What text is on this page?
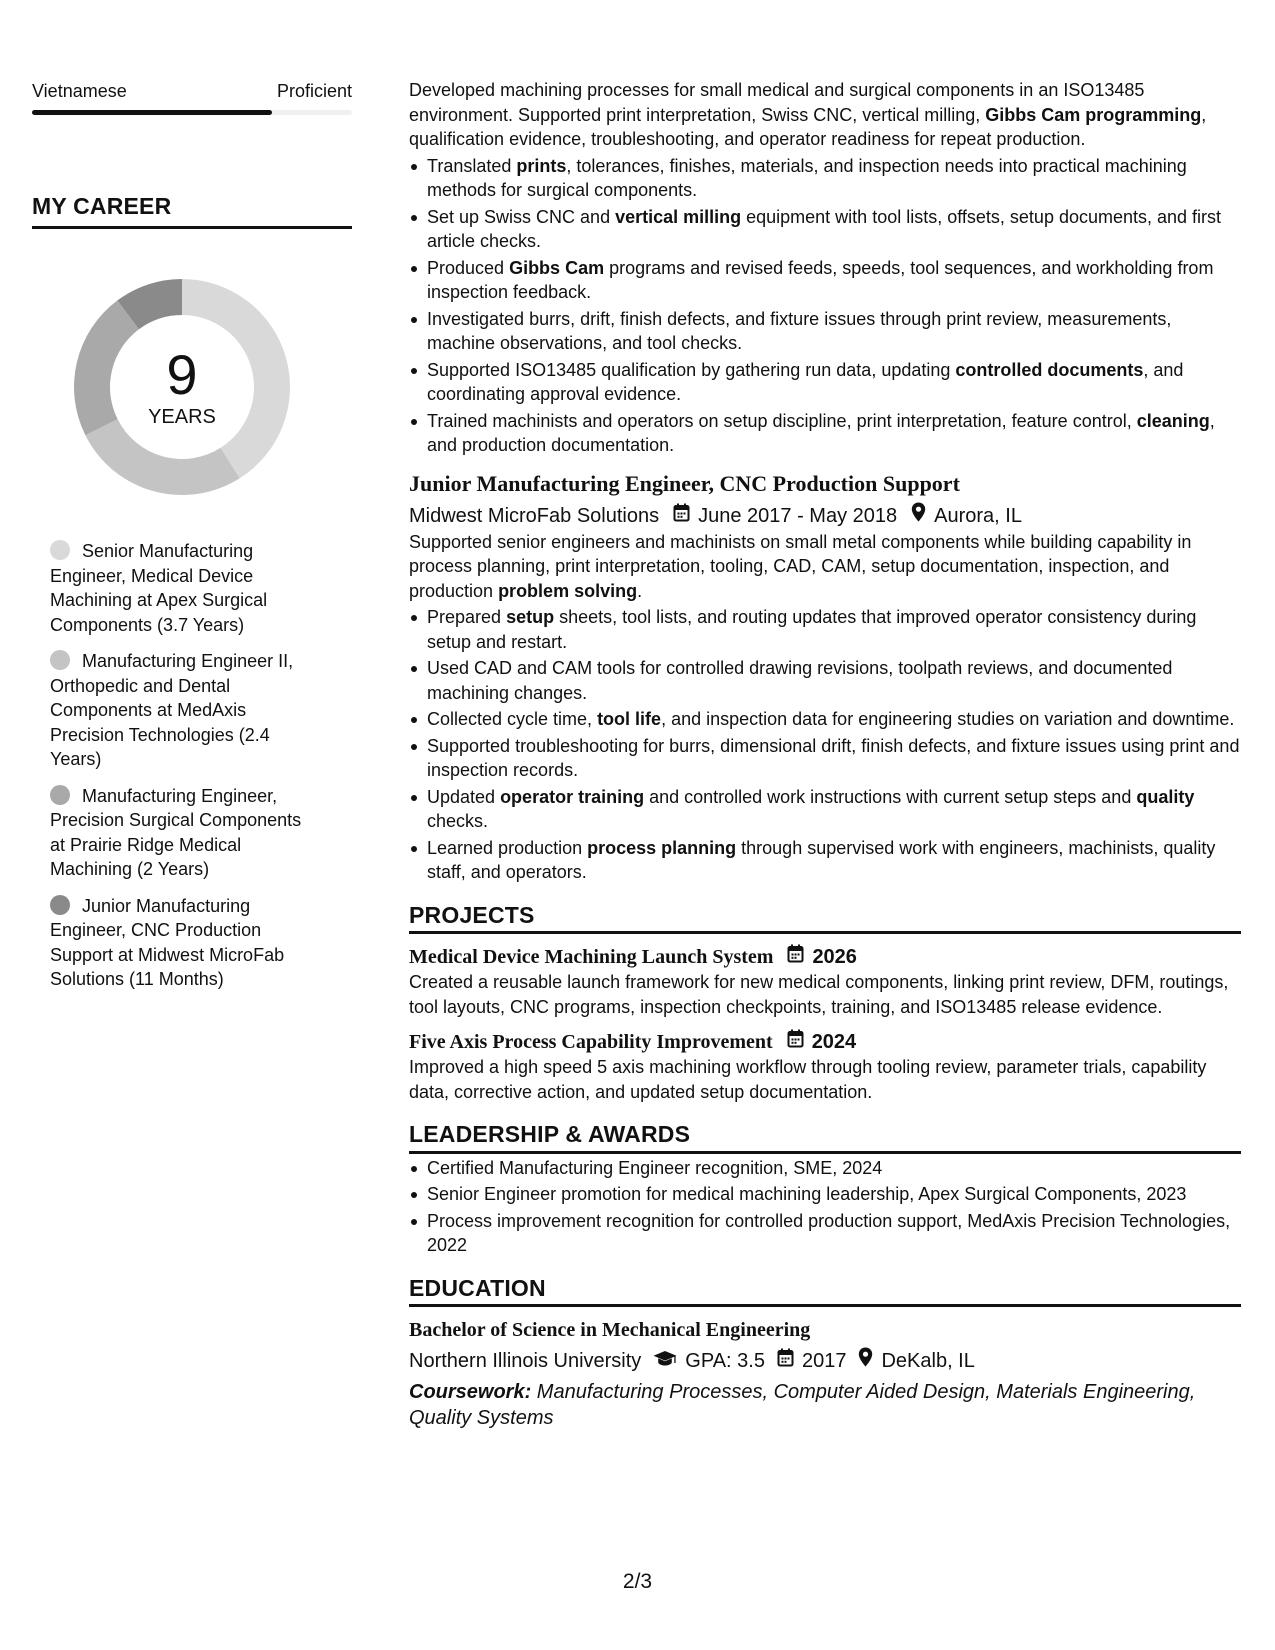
Vietnamese	Proficient
MY CAREER
9
YEARS
Senior Manufacturing Engineer, Medical Device Machining at Apex Surgical Components (3.7 Years)
Manufacturing Engineer II, Orthopedic and Dental Components at MedAxis Precision Technologies (2.4 Years)
Manufacturing Engineer, Precision Surgical Components at Prairie Ridge Medical Machining (2 Years)
Junior Manufacturing Engineer, CNC Production Support at Midwest MicroFab Solutions (11 Months)

Developed machining processes for small medical and surgical components in an ISO13485 environment. Supported print interpretation, Swiss CNC, vertical milling, Gibbs Cam programming, qualification evidence, troubleshooting, and operator readiness for repeat production.

Translated prints, tolerances, finishes, materials, and inspection needs into practical machining methods for surgical components.
Set up Swiss CNC and vertical milling equipment with tool lists, offsets, setup documents, and first article checks.
Produced Gibbs Cam programs and revised feeds, speeds, tool sequences, and workholding from inspection feedback.
Investigated burrs, drift, finish defects, and fixture issues through print review, measurements, machine observations, and tool checks.
Supported ISO13485 qualification by gathering run data, updating controlled documents, and coordinating approval evidence.
Trained machinists and operators on setup discipline, print interpretation, feature control, cleaning, and production documentation.
Junior Manufacturing Engineer, CNC Production Support
Midwest MicroFab Solutions June 2017 - May 2018 Aurora, IL

Supported senior engineers and machinists on small metal components while building capability in process planning, print interpretation, tooling, CAD, CAM, setup documentation, inspection, and production problem solving.

Prepared setup sheets, tool lists, and routing updates that improved operator consistency during setup and restart.
Used CAD and CAM tools for controlled drawing revisions, toolpath reviews, and documented machining changes.
Collected cycle time, tool life, and inspection data for engineering studies on variation and downtime.
Supported troubleshooting for burrs, dimensional drift, finish defects, and fixture issues using print and inspection records.
Updated operator training and controlled work instructions with current setup steps and quality checks.
Learned production process planning through supervised work with engineers, machinists, quality staff, and operators.
PROJECTS
Medical Device Machining Launch System 2026

Created a reusable launch framework for new medical components, linking print review, DFM, routings, tool layouts, CNC programs, inspection checkpoints, training, and ISO13485 release evidence.

Five Axis Process Capability Improvement 2024

Improved a high speed 5 axis machining workflow through tooling review, parameter trials, capability data, corrective action, and updated setup documentation.

LEADERSHIP & AWARDS
Certified Manufacturing Engineer recognition, SME, 2024
Senior Engineer promotion for medical machining leadership, Apex Surgical Components, 2023
Process improvement recognition for controlled production support, MedAxis Precision Technologies, 2022
EDUCATION
Bachelor of Science in Mechanical Engineering
Northern Illinois University GPA: 3.5 2017 DeKalb, IL
Coursework: Manufacturing Processes, Computer Aided Design, Materials Engineering, Quality Systems
2/3
